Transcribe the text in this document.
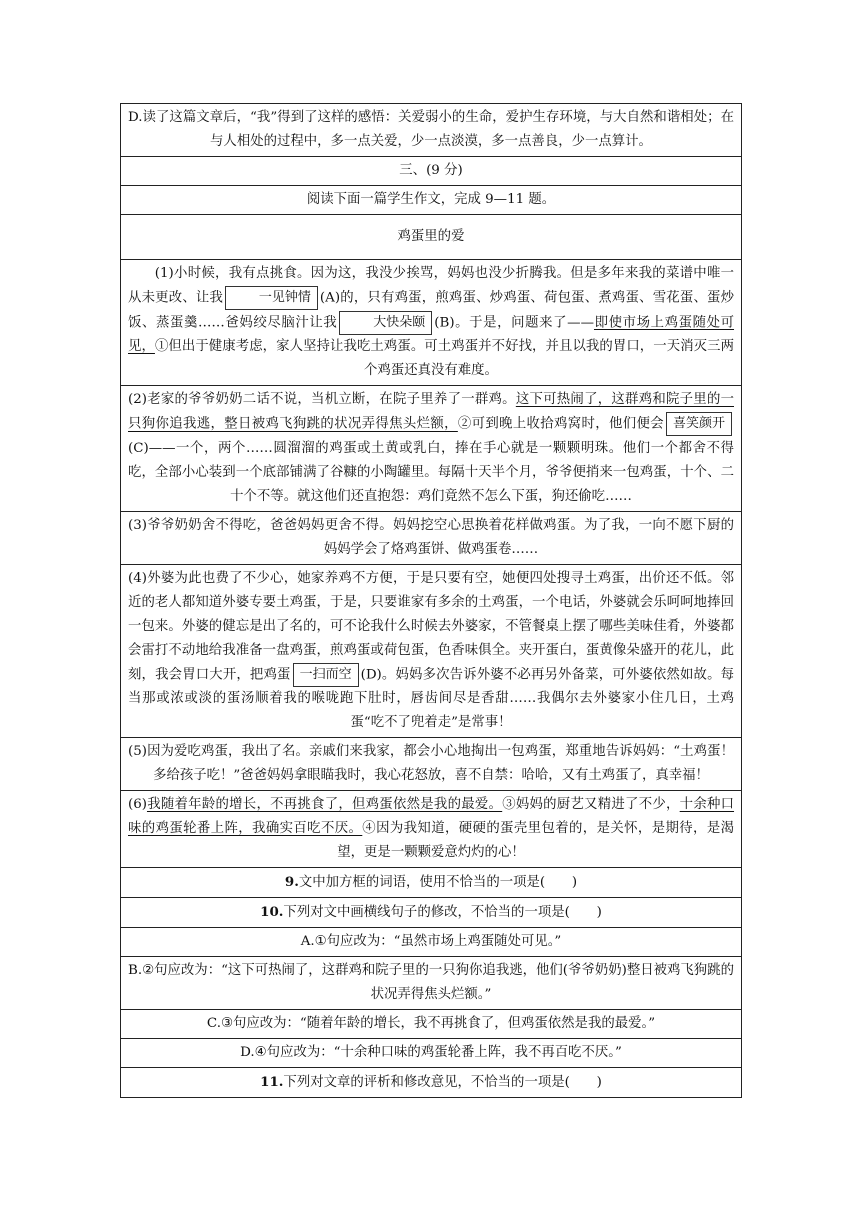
D.读了这篇文章后，“我”得到了这样的感悟：关爱弱小的生命，爱护生存环境，与大自然和谐相处；在与人相处的过程中，多一点关爱，少一点淡漠，多一点善良，少一点算计。
三、(9 分)
阅读下面一篇学生作文，完成 9—11 题。
鸡蛋里的爱
(1)小时候，我有点挑食。因为这，我没少挨骂，妈妈也没少折腾我。但是多年来我的菜谱中唯一从未更改、让我	一见钟情 (A)的，只有鸡蛋，煎鸡蛋、炒鸡蛋、荷包蛋、煮鸡蛋、雪花蛋、蛋炒饭、蒸蛋羹……爸妈绞尽脑汁让我	大快朵颐 (B)。于是，问题来了——即使市场上鸡蛋随处可见，①但出于健康考虑，家人坚持让我吃土鸡蛋。可土鸡蛋并不好找，并且以我的胃口，一天消灭三两个鸡蛋还真没有难度。
(2)老家的爷爷奶奶二话不说，当机立断，在院子里养了一群鸡。这下可热闹了，这群鸡和院子里的一只狗你追我逃，整日被鸡飞狗跳的状况弄得焦头烂额，②可到晚上收拾鸡窝时，他们便会 喜笑颜开(C)——一个，两个……圆溜溜的鸡蛋或土黄或乳白，捧在手心就是一颗颗明珠。他们一个都舍不得吃，全部小心装到一个底部铺满了谷糠的小陶罐里。每隔十天半个月，爷爷便捎来一包鸡蛋，十个、二十个不等。就这他们还直抱怨：鸡们竟然不怎么下蛋，狗还偷吃……
(3)爷爷奶奶舍不得吃，爸爸妈妈更舍不得。妈妈挖空心思换着花样做鸡蛋。为了我，一向不愿下厨的妈妈学会了烙鸡蛋饼、做鸡蛋卷……
(4)外婆为此也费了不少心，她家养鸡不方便，于是只要有空，她便四处搜寻土鸡蛋，出价还不低。邻近的老人都知道外婆专要土鸡蛋，于是，只要谁家有多余的土鸡蛋，一个电话，外婆就会乐呵呵地捧回一包来。外婆的健忘是出了名的，可不论我什么时候去外婆家，不管餐桌上摆了哪些美味佳肴，外婆都会雷打不动地给我准备一盘鸡蛋，煎鸡蛋或荷包蛋，色香味俱全。夹开蛋白，蛋黄像朵盛开的花儿，此刻，我会胃口大开，把鸡蛋 一扫而空 (D)。妈妈多次告诉外婆不必再另外备菜，可外婆依然如故。每当那或浓或淡的蛋汤顺着我的喉咙跑下肚时，唇齿间尽是香甜……我偶尔去外婆家小住几日，土鸡蛋“吃不了兜着走”是常事！
(5)因为爱吃鸡蛋，我出了名。亲戚们来我家，都会小心地掏出一包鸡蛋，郑重地告诉妈妈：“土鸡蛋！多给孩子吃！”爸爸妈妈拿眼瞄我时，我心花怒放，喜不自禁：哈哈，又有土鸡蛋了，真幸福！
(6)我随着年龄的增长，不再挑食了，但鸡蛋依然是我的最爱。③妈妈的厨艺又精进了不少，十余种口味的鸡蛋轮番上阵，我确实百吃不厌。④因为我知道，硬硬的蛋壳里包着的，是关怀，是期待，是渴望，更是一颗颗爱意灼灼的心！
9.文中加方框的词语，使用不恰当的一项是(　　)
10.下列对文中画横线句子的修改，不恰当的一项是(　　)
A.①句应改为：“虽然市场上鸡蛋随处可见。”
B.②句应改为：“这下可热闹了，这群鸡和院子里的一只狗你追我逃，他们(爷爷奶奶)整日被鸡飞狗跳的状况弄得焦头烂额。”
C.③句应改为：“随着年龄的增长，我不再挑食了，但鸡蛋依然是我的最爱。”
D.④句应改为：“十余种口味的鸡蛋轮番上阵，我不再百吃不厌。”
11.下列对文章的评析和修改意见，不恰当的一项是(　　)
